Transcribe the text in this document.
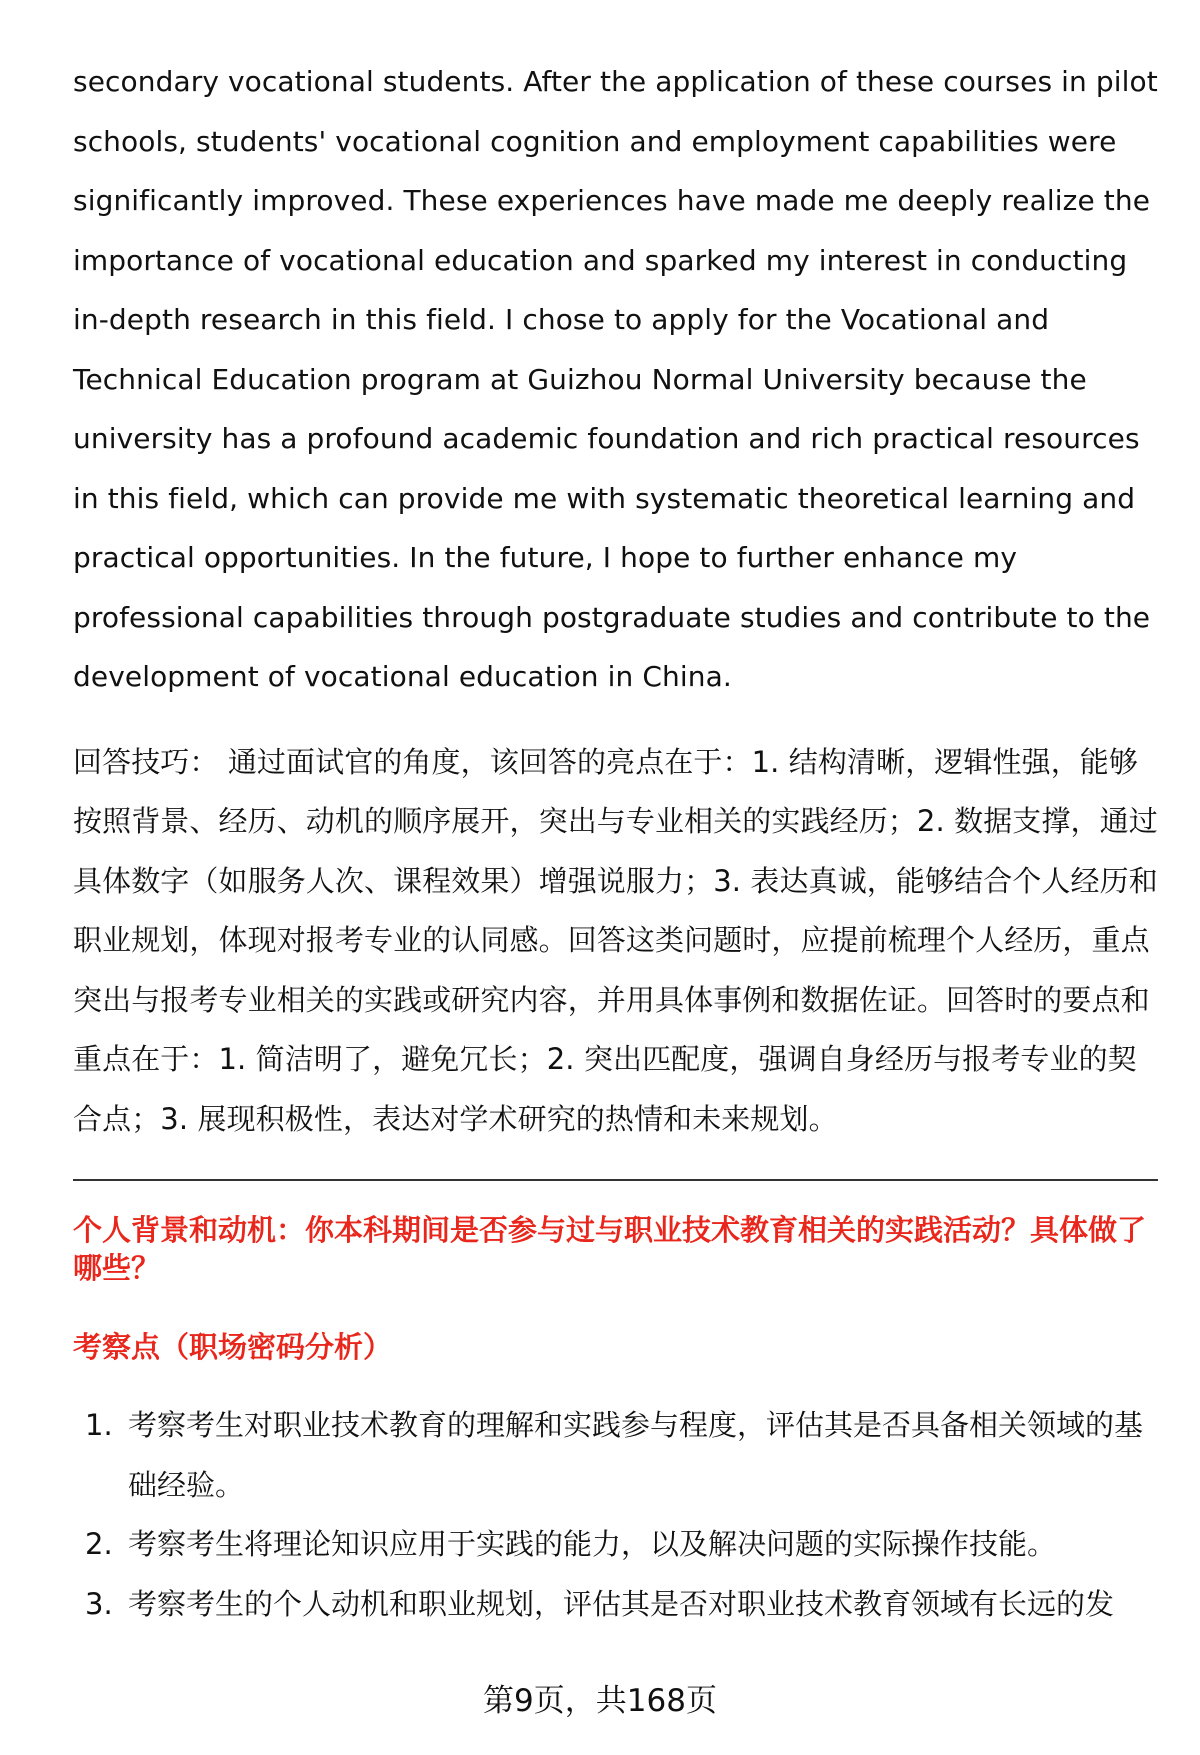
secondary vocational students. After the application of these courses in pilot schools, students' vocational cognition and employment capabilities were significantly improved. These experiences have made me deeply realize the importance of vocational education and sparked my interest in conducting in-depth research in this field. I chose to apply for the Vocational and Technical Education program at Guizhou Normal University because the university has a profound academic foundation and rich practical resources in this field, which can provide me with systematic theoretical learning and practical opportunities. In the future, I hope to further enhance my professional capabilities through postgraduate studies and contribute to the development of vocational education in China.

回答技巧： 通过面试官的角度，该回答的亮点在于：1. 结构清晰，逻辑性强，能够按照背景、经历、动机的顺序展开，突出与专业相关的实践经历；2. 数据支撑，通过具体数字（如服务人次、课程效果）增强说服力；3. 表达真诚，能够结合个人经历和职业规划，体现对报考专业的认同感。回答这类问题时，应提前梳理个人经历，重点突出与报考专业相关的实践或研究内容，并用具体事例和数据佐证。回答时的要点和重点在于：1. 简洁明了，避免冗长；2. 突出匹配度，强调自身经历与报考专业的契合点；3. 展现积极性，表达对学术研究的热情和未来规划。

个人背景和动机：你本科期间是否参与过与职业技术教育相关的实践活动？具体做了哪些？

考察点（职场密码分析）

1. 考察考生对职业技术教育的理解和实践参与程度，评估其是否具备相关领域的基础经验。
2. 考察考生将理论知识应用于实践的能力，以及解决问题的实际操作技能。
3. 考察考生的个人动机和职业规划，评估其是否对职业技术教育领域有长远的发
第9页，共168页
